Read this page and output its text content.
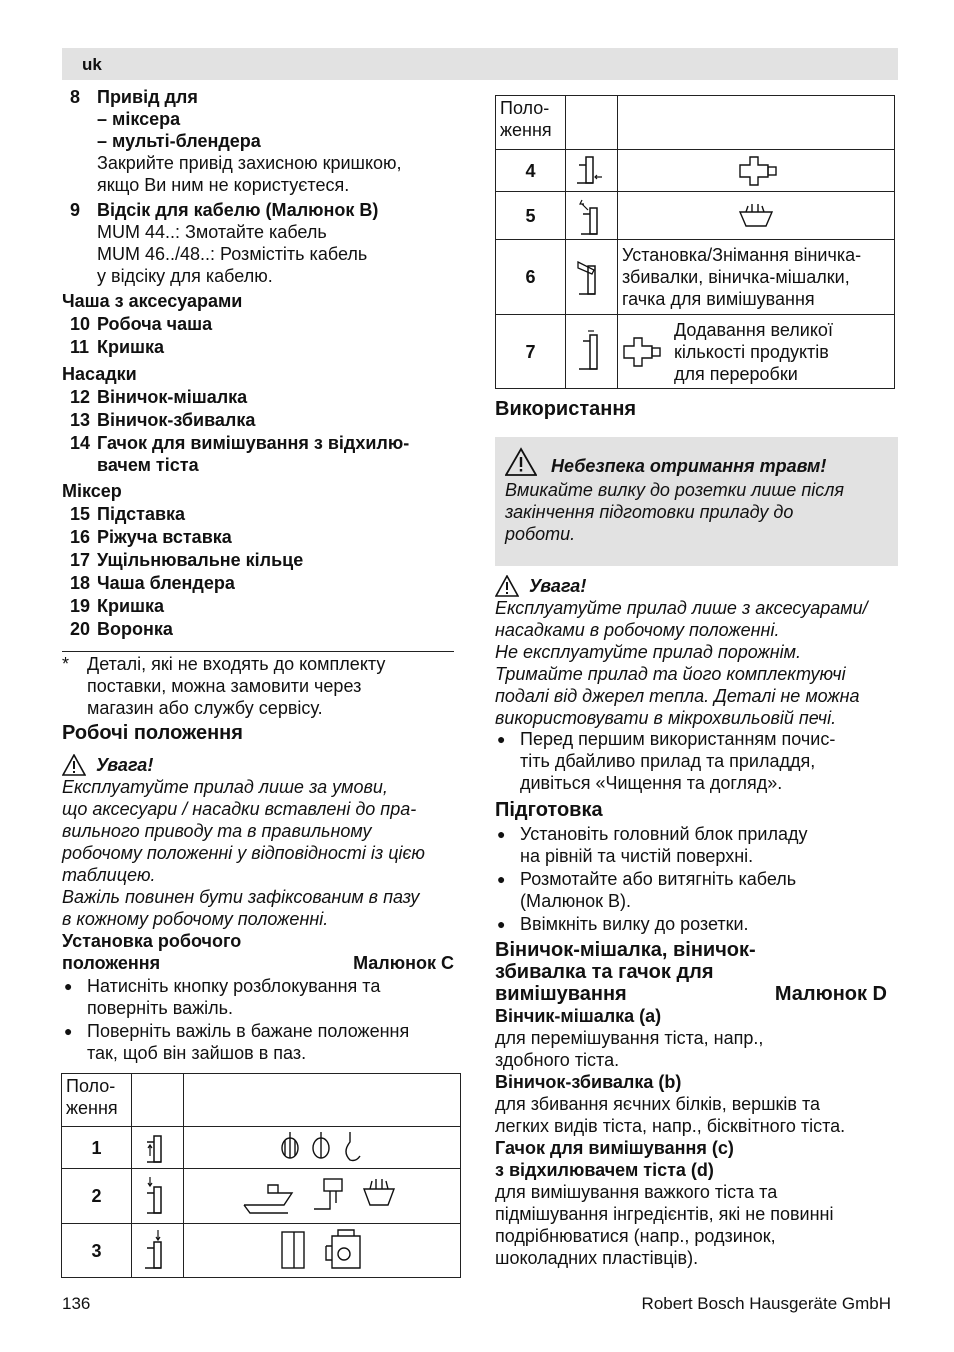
uk
8 Привід для
– міксера
– мульті-блендера
Закрийте привід захисною кришкою,
якщо Ви ним не користуєтеся.
9 Відсік для кабелю (Малюнок B)
MUM 44..: Змотайте кабель
MUM 46../48..: Розмістіть кабель
у відсіку для кабелю.
Чаша з аксесуарами
10 Робоча чаша
11 Кришка
Насадки
12 Віничок-мішалка
13 Віничок-збивалка
14 Гачок для вимішування з відхилю-
вачем тіста
Міксер
15 Підставка
16 Ріжуча вставка
17 Ущільнювальне кільце
18 Чаша блендера
19 Кришка
20 Воронка
* Деталі, які не входять до комплекту
поставки, можна замовити через
магазин або службу сервісу.
Робочі положення
Увага!
Експлуатуйте прилад лише за умови,
що аксесуари / насадки вставлені до пра-
вильного приводу та в правильному
робочому положенні у відповідності із цією
таблицею.
Важіль повинен бути зафіксованим в пазу
в кожному робочому положенні.
Установка робочого
положення	Малюнок C
● Натисніть кнопку розблокування та
поверніть важіль.
● Поверніть важіль в бажане положення
так, щоб він зайшов в паз.
Поло-
ження		

1	

2	

3	

Поло-
ження		

4	

5	

6		Установка/Знімання віничка-
збивалки, віничка-мішалки,
гачка для вимішування

7		Додавання великої
кількості продуктів
для переробки
Використання
Небезпека отримання травм!
Вмикайте вилку до розетки лише після
закінчення підготовки приладу до
роботи.
Увага!
Експлуатуйте прилад лише з аксесуарами/
насадками в робочому положенні.
Не експлуатуйте прилад порожнім.
Тримайте прилад та його комплектуючі
подалі від джерел тепла. Деталі не можна
використовувати в мікрохвильовій печі.
● Перед першим використанням почис-
тіть дбайливо прилад та приладдя,
дивіться «Чищення та догляд».
Підготовка
● Установіть головний блок приладу
на рівній та чистій поверхні.
● Розмотайте або витягніть кабель
(Малюнок B).
● Ввімкніть вилку до розетки.
Віничок-мішалка, віничок-
збивалка та гачок для
вимішування	Малюнок D
Вінчик-мішалка (a)
для перемішування тіста, напр.,
здобного тіста.
Віничок-збивалка (b)
для збивання яєчних білків, вершків та
легких видів тіста, напр., бісквітного тіста.
Гачок для вимішування (c)
з відхилювачем тіста (d)
для вимішування важкого тіста та
підмішування інгредієнтів, які не повинні
подрібнюватися (напр., родзинок,
шоколадних пластівців).
136	Robert Bosch Hausgeräte GmbH
